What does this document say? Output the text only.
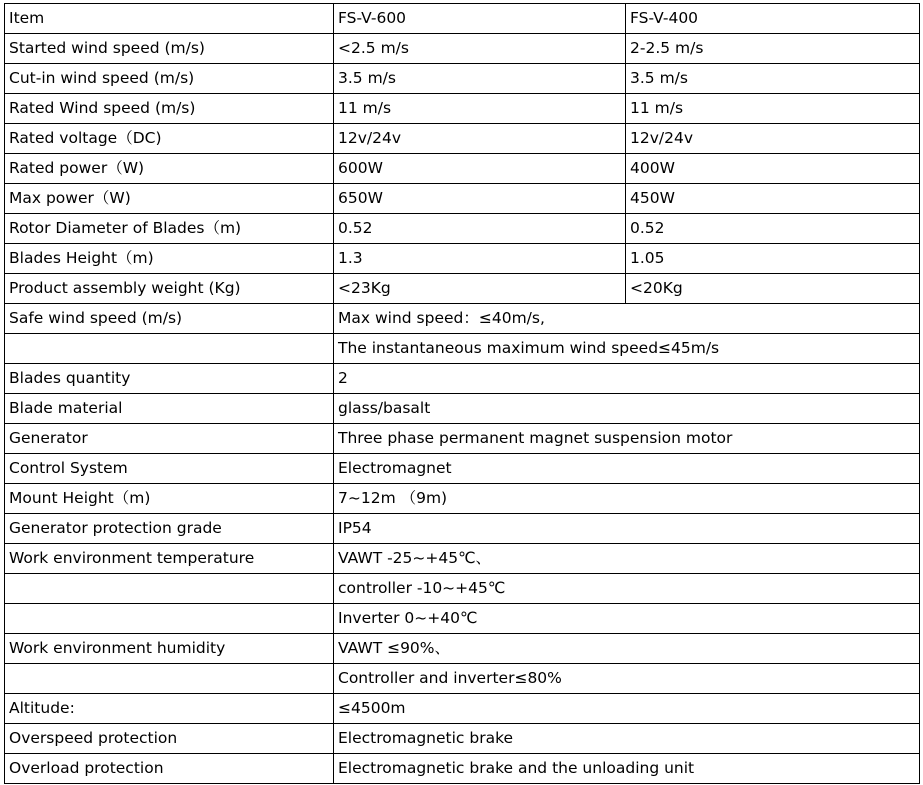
Item	FS-V-600	FS-V-400
Started wind speed (m/s)	<2.5 m/s	2-2.5 m/s
Cut-in wind speed (m/s)	3.5 m/s	3.5 m/s
Rated Wind speed (m/s)	11 m/s	11 m/s
Rated voltage（DC)	12v/24v	12v/24v
Rated power（W)	600W	400W
Max power（W)	650W	450W
Rotor Diameter of Blades（m)	0.52	0.52
Blades Height（m)	1.3	1.05
Product assembly weight (Kg)	<23Kg	<20Kg
Safe wind speed (m/s)	Max wind speed：≤40m/s,	
	The instantaneous maximum wind speed≤45m/s	
Blades quantity	2	
Blade material	glass/basalt	
Generator	Three phase permanent magnet suspension motor	
Control System	Electromagnet	
Mount Height（m)	7~12m （9m)	
Generator protection grade	IP54	
Work environment temperature	VAWT -25~+45℃、	
	controller -10~+45℃	
	Inverter 0~+40℃	
Work environment humidity	VAWT ≤90%、	
	Controller and inverter≤80%	
Altitude:	≤4500m	
Overspeed protection	Electromagnetic brake	
Overload protection	Electromagnetic brake and the unloading unit	
